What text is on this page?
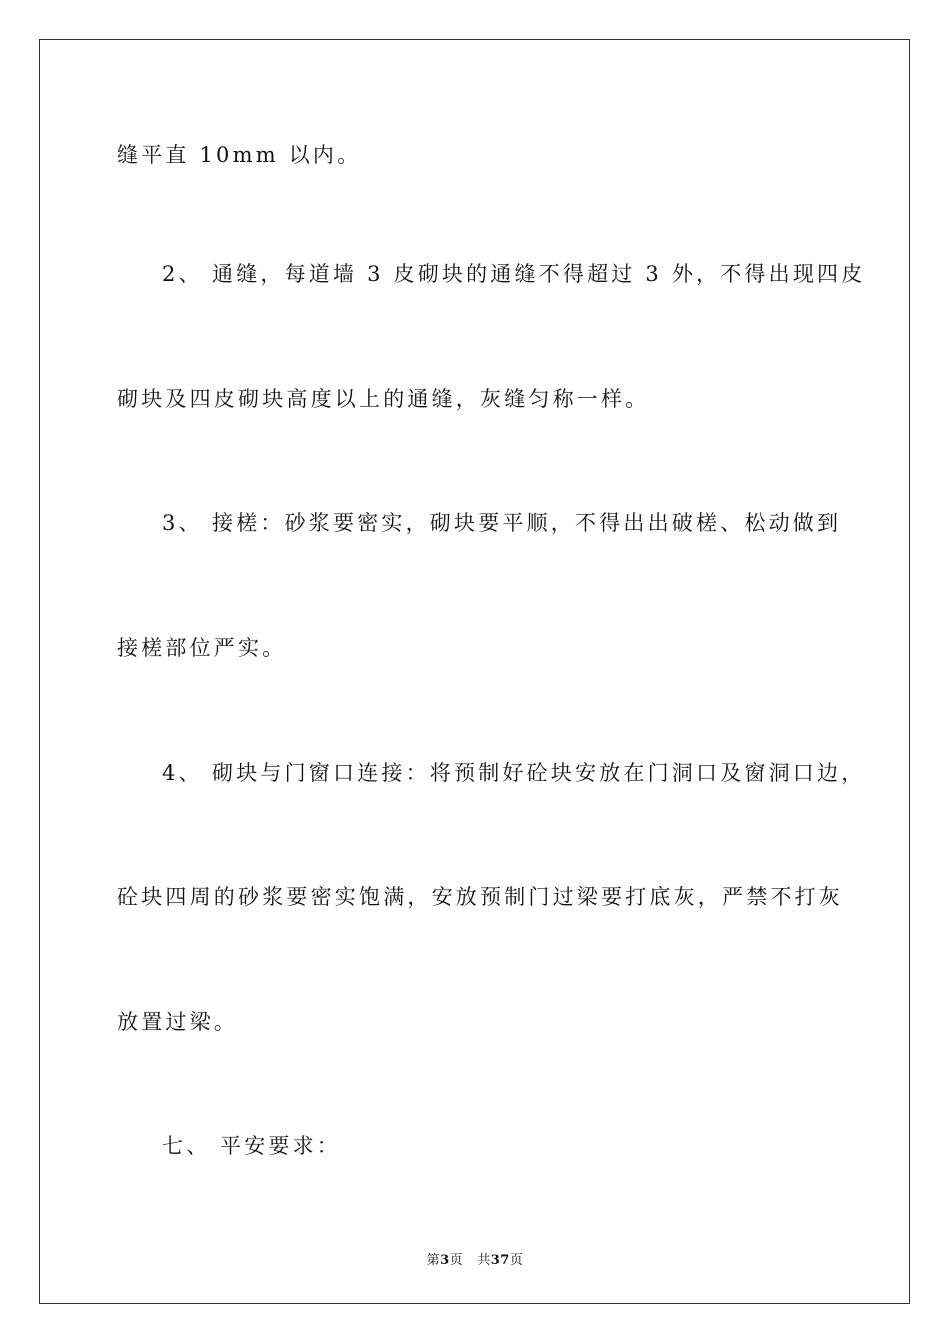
缝平直 10mm 以内。
2、 通缝，每道墙 3 皮砌块的通缝不得超过 3 外，不得出现四皮
砌块及四皮砌块高度以上的通缝，灰缝匀称一样。
3、 接槎：砂浆要密实，砌块要平顺，不得出出破槎、松动做到
接槎部位严实。
4、 砌块与门窗口连接：将预制好砼块安放在门洞口及窗洞口边，
砼块四周的砂浆要密实饱满，安放预制门过梁要打底灰，严禁不打灰
放置过梁。
七、 平安要求：
第3页 共37页
